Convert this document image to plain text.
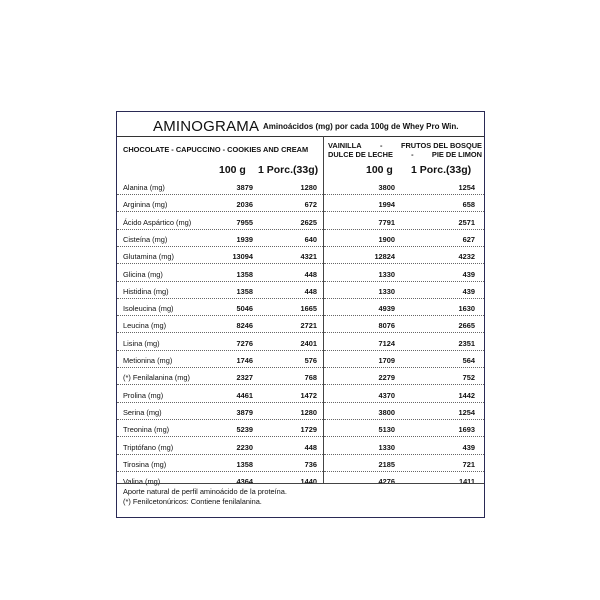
AMINOGRAMA Aminoácidos (mg) por cada 100g de Whey Pro Win.
CHOCOLATE - CAPUCCINO - COOKIES AND CREAM	VAINILLA - FRUTOS DEL BOSQUE
DULCE DE LECHE - PIE DE LIMON
100 g 1 Porc.(33g)	100 g 1 Porc.(33g)
Alanina (mg)	3879	1280	3800	1254
Arginina (mg)	2036	672	1994	658
Ácido Aspártico (mg)	7955	2625	7791	2571
Cisteína (mg)	1939	640	1900	627
Glutamina (mg)	13094	4321	12824	4232
Glicina (mg)	1358	448	1330	439
Histidina (mg)	1358	448	1330	439
Isoleucina (mg)	5046	1665	4939	1630
Leucina (mg)	8246	2721	8076	2665
Lisina (mg)	7276	2401	7124	2351
Metionina (mg)	1746	576	1709	564
(*) Fenilalanina (mg)	2327	768	2279	752
Prolina (mg)	4461	1472	4370	1442
Serina (mg)	3879	1280	3800	1254
Treonina (mg)	5239	1729	5130	1693
Triptófano (mg)	2230	448	1330	439
Tirosina (mg)	1358	736	2185	721
Valina (mg)	4364	1440	4276	1411
Aporte natural de perfil aminoácido de la proteína.
(*) Fenilcetonúricos: Contiene fenilalanina.
